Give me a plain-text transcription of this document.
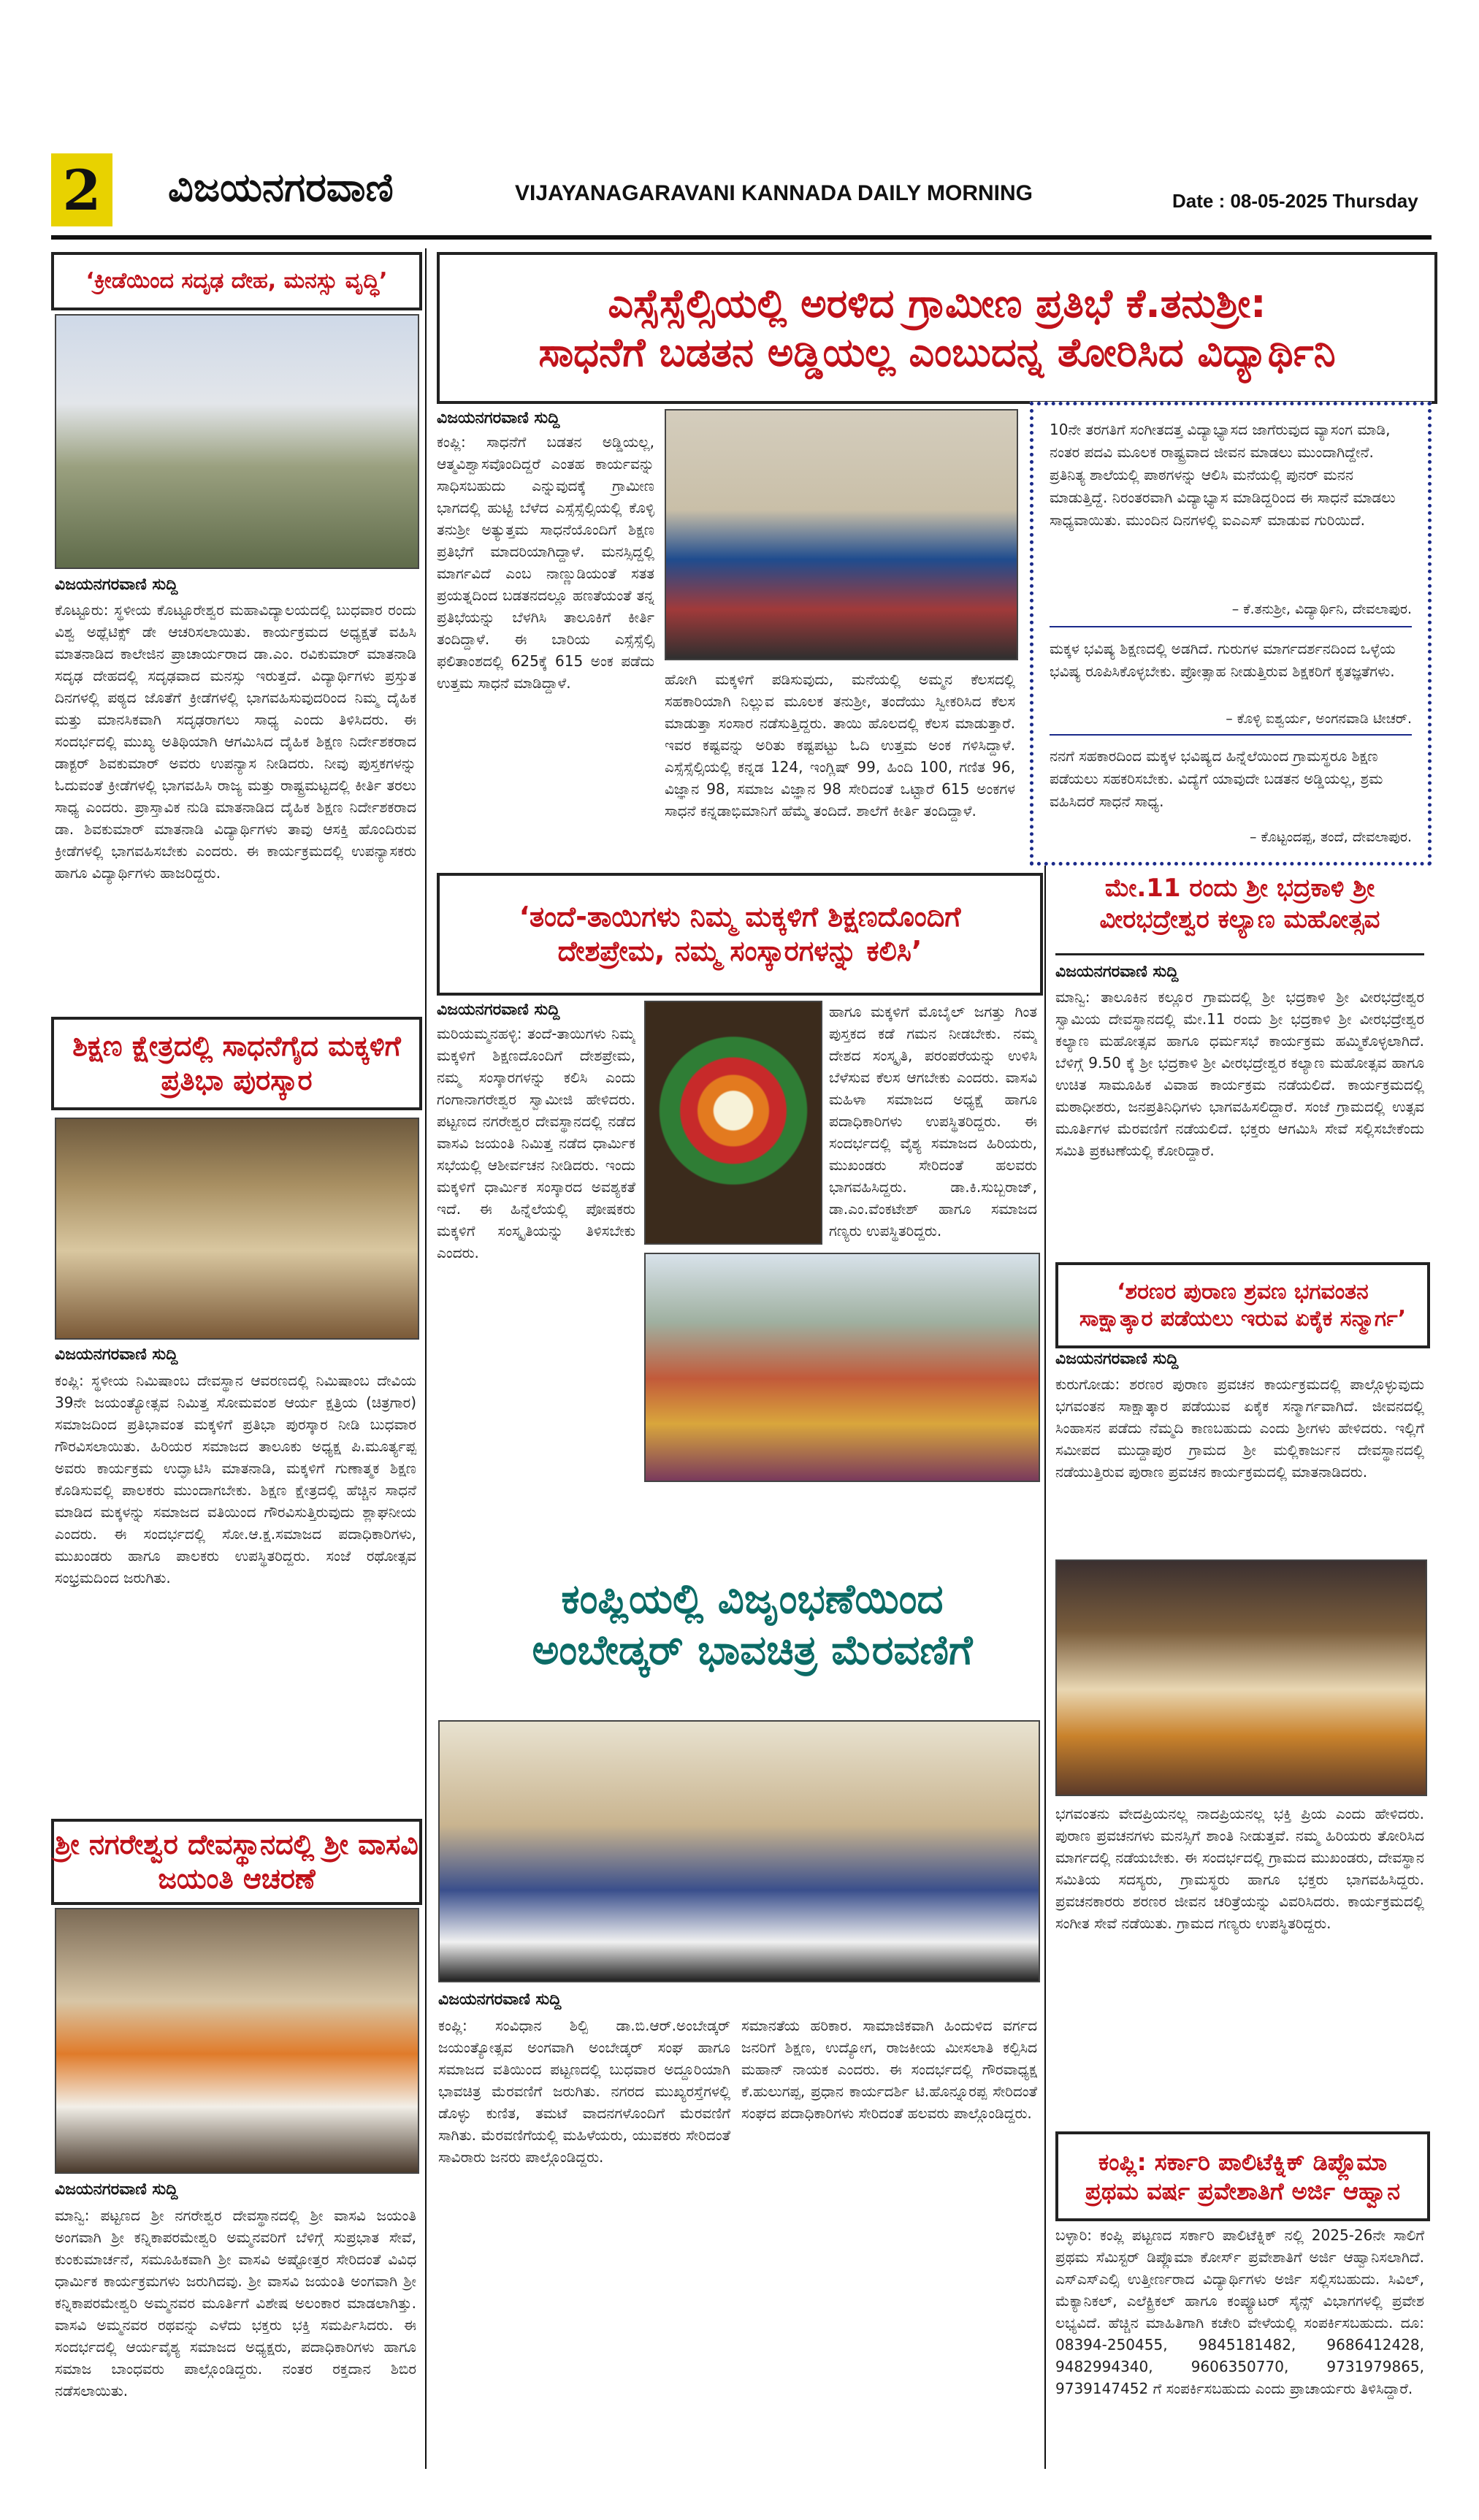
2 ವಿಜಯನಗರವಾಣಿ	VIJAYANAGARAVANI KANNADA DAILY MORNING	Date : 08-05-2025 Thursday
‘ಕ್ರೀಡೆಯಿಂದ ಸದೃಢ ದೇಹ, ಮನಸ್ಸು ವೃದ್ಧಿ’
ವಿಜಯನಗರವಾಣಿ ಸುದ್ದಿ
ಕೊಟ್ಟೂರು: ಸ್ಥಳೀಯ ಕೊಟ್ಟೂರೇಶ್ವರ ಮಹಾವಿದ್ಯಾಲಯದಲ್ಲಿ ಬುಧವಾರ ರಂದು ವಿಶ್ವ ಅಥ್ಲೆಟಿಕ್ಸ್ ಡೇ ಆಚರಿಸಲಾಯಿತು. ಕಾರ್ಯಕ್ರಮದ ಅಧ್ಯಕ್ಷತೆ ವಹಿಸಿ ಮಾತನಾಡಿದ ಕಾಲೇಜಿನ ಪ್ರಾಚಾರ್ಯರಾದ ಡಾ.ಎಂ. ರವಿಕುಮಾರ್ ಮಾತನಾಡಿ ಸದೃಢ ದೇಹದಲ್ಲಿ ಸದೃಢವಾದ ಮನಸ್ಸು ಇರುತ್ತದೆ. ವಿದ್ಯಾರ್ಥಿಗಳು ಪ್ರಸ್ತುತ ದಿನಗಳಲ್ಲಿ ಪಠ್ಯದ ಜೊತೆಗೆ ಕ್ರೀಡೆಗಳಲ್ಲಿ ಭಾಗವಹಿಸುವುದರಿಂದ ನಿಮ್ಮ ದೈಹಿಕ ಮತ್ತು ಮಾನಸಿಕವಾಗಿ ಸದೃಢರಾಗಲು ಸಾಧ್ಯ ಎಂದು ತಿಳಿಸಿದರು. ಈ ಸಂದರ್ಭದಲ್ಲಿ ಮುಖ್ಯ ಅತಿಥಿಯಾಗಿ ಆಗಮಿಸಿದ ದೈಹಿಕ ಶಿಕ್ಷಣ ನಿರ್ದೇಶಕರಾದ ಡಾಕ್ಟರ್ ಶಿವಕುಮಾರ್ ಅವರು ಉಪನ್ಯಾಸ ನೀಡಿದರು. ನೀವು ಪುಸ್ತಕಗಳನ್ನು ಓದುವಂತೆ ಕ್ರೀಡೆಗಳಲ್ಲಿ ಭಾಗವಹಿಸಿ ರಾಜ್ಯ ಮತ್ತು ರಾಷ್ಟ್ರಮಟ್ಟದಲ್ಲಿ ಕೀರ್ತಿ ತರಲು ಸಾಧ್ಯ ಎಂದರು. ಪ್ರಾಸ್ತಾವಿಕ ನುಡಿ ಮಾತನಾಡಿದ ದೈಹಿಕ ಶಿಕ್ಷಣ ನಿರ್ದೇಶಕರಾದ ಡಾ. ಶಿವಕುಮಾರ್ ಮಾತನಾಡಿ ವಿದ್ಯಾರ್ಥಿಗಳು ತಾವು ಆಸಕ್ತಿ ಹೊಂದಿರುವ ಕ್ರೀಡೆಗಳಲ್ಲಿ ಭಾಗವಹಿಸಬೇಕು ಎಂದರು. ಈ ಕಾರ್ಯಕ್ರಮದಲ್ಲಿ ಉಪನ್ಯಾಸಕರು ಹಾಗೂ ವಿದ್ಯಾರ್ಥಿಗಳು ಹಾಜರಿದ್ದರು.
ಶಿಕ್ಷಣ ಕ್ಷೇತ್ರದಲ್ಲಿ ಸಾಧನೆಗೈದ ಮಕ್ಕಳಿಗೆ ಪ್ರತಿಭಾ ಪುರಸ್ಕಾರ
ವಿಜಯನಗರವಾಣಿ ಸುದ್ದಿ
ಕಂಪ್ಲಿ: ಸ್ಥಳೀಯ ನಿಮಿಷಾಂಬ ದೇವಸ್ಥಾನ ಆವರಣದಲ್ಲಿ ನಿಮಿಷಾಂಬ ದೇವಿಯ 39ನೇ ಜಯಂತ್ಯೋತ್ಸವ ನಿಮಿತ್ತ ಸೋಮವಂಶ ಆರ್ಯ ಕ್ಷತ್ರಿಯ (ಚಿತ್ರಗಾರ) ಸಮಾಜದಿಂದ ಪ್ರತಿಭಾವಂತ ಮಕ್ಕಳಿಗೆ ಪ್ರತಿಭಾ ಪುರಸ್ಕಾರ ನೀಡಿ ಬುಧವಾರ ಗೌರವಿಸಲಾಯಿತು. ಹಿರಿಯರ ಸಮಾಜದ ತಾಲೂಕು ಅಧ್ಯಕ್ಷ ಪಿ.ಮೂರ್ತ್ಯಪ್ಪ ಅವರು ಕಾರ್ಯಕ್ರಮ ಉದ್ಘಾಟಿಸಿ ಮಾತನಾಡಿ, ಮಕ್ಕಳಿಗೆ ಗುಣಾತ್ಮಕ ಶಿಕ್ಷಣ ಕೊಡಿಸುವಲ್ಲಿ ಪಾಲಕರು ಮುಂದಾಗಬೇಕು. ಶಿಕ್ಷಣ ಕ್ಷೇತ್ರದಲ್ಲಿ ಹೆಚ್ಚಿನ ಸಾಧನೆ ಮಾಡಿದ ಮಕ್ಕಳನ್ನು ಸಮಾಜದ ವತಿಯಿಂದ ಗೌರವಿಸುತ್ತಿರುವುದು ಶ್ಲಾಘನೀಯ ಎಂದರು. ಈ ಸಂದರ್ಭದಲ್ಲಿ ಸೋ.ಆ.ಕ್ಷ.ಸಮಾಜದ ಪದಾಧಿಕಾರಿಗಳು, ಮುಖಂಡರು ಹಾಗೂ ಪಾಲಕರು ಉಪಸ್ಥಿತರಿದ್ದರು. ಸಂಜೆ ರಥೋತ್ಸವ ಸಂಭ್ರಮದಿಂದ ಜರುಗಿತು.
ಶ್ರೀ ನಗರೇಶ್ವರ ದೇವಸ್ಥಾನದಲ್ಲಿ ಶ್ರೀ ವಾಸವಿ ಜಯಂತಿ ಆಚರಣೆ
ವಿಜಯನಗರವಾಣಿ ಸುದ್ದಿ
ಮಾನ್ವಿ: ಪಟ್ಟಣದ ಶ್ರೀ ನಗರೇಶ್ವರ ದೇವಸ್ಥಾನದಲ್ಲಿ ಶ್ರೀ ವಾಸವಿ ಜಯಂತಿ ಅಂಗವಾಗಿ ಶ್ರೀ ಕನ್ನಿಕಾಪರಮೇಶ್ವರಿ ಅಮ್ಮನವರಿಗೆ ಬೆಳಿಗ್ಗೆ ಸುಪ್ರಭಾತ ಸೇವೆ, ಕುಂಕುಮಾರ್ಚನೆ, ಸಮೂಹಿಕವಾಗಿ ಶ್ರೀ ವಾಸವಿ ಅಷ್ಟೋತ್ತರ ಸೇರಿದಂತೆ ವಿವಿಧ ಧಾರ್ಮಿಕ ಕಾರ್ಯಕ್ರಮಗಳು ಜರುಗಿದವು. ಶ್ರೀ ವಾಸವಿ ಜಯಂತಿ ಅಂಗವಾಗಿ ಶ್ರೀ ಕನ್ನಿಕಾಪರಮೇಶ್ವರಿ ಅಮ್ಮನವರ ಮೂರ್ತಿಗೆ ವಿಶೇಷ ಅಲಂಕಾರ ಮಾಡಲಾಗಿತ್ತು. ವಾಸವಿ ಅಮ್ಮನವರ ರಥವನ್ನು ಎಳೆದು ಭಕ್ತರು ಭಕ್ತಿ ಸಮರ್ಪಿಸಿದರು. ಈ ಸಂದರ್ಭದಲ್ಲಿ ಆರ್ಯವೈಶ್ಯ ಸಮಾಜದ ಅಧ್ಯಕ್ಷರು, ಪದಾಧಿಕಾರಿಗಳು ಹಾಗೂ ಸಮಾಜ ಬಾಂಧವರು ಪಾಲ್ಗೊಂಡಿದ್ದರು. ನಂತರ ರಕ್ತದಾನ ಶಿಬಿರ ನಡೆಸಲಾಯಿತು.
ಎಸ್ಸೆಸ್ಸೆಲ್ಸಿಯಲ್ಲಿ ಅರಳಿದ ಗ್ರಾಮೀಣ ಪ್ರತಿಭೆ ಕೆ.ತನುಶ್ರೀ:
ಸಾಧನೆಗೆ ಬಡತನ ಅಡ್ಡಿಯಲ್ಲ ಎಂಬುದನ್ನ ತೋರಿಸಿದ ವಿದ್ಯಾರ್ಥಿನಿ
ವಿಜಯನಗರವಾಣಿ ಸುದ್ದಿ
ಕಂಪ್ಲಿ: ಸಾಧನೆಗೆ ಬಡತನ ಅಡ್ಡಿಯಲ್ಲ, ಆತ್ಮವಿಶ್ವಾಸವೊಂದಿದ್ದರೆ ಎಂತಹ ಕಾರ್ಯವನ್ನು ಸಾಧಿಸಬಹುದು ಎನ್ನುವುದಕ್ಕೆ ಗ್ರಾಮೀಣ ಭಾಗದಲ್ಲಿ ಹುಟ್ಟಿ ಬೆಳೆದ ಎಸ್ಸೆಸ್ಸೆಲ್ಸಿಯಲ್ಲಿ ಕೊಳ್ಳಿ ತನುಶ್ರೀ ಅತ್ಯುತ್ತಮ ಸಾಧನೆಯೊಂದಿಗೆ ಶಿಕ್ಷಣ ಪ್ರತಿಭೆಗೆ ಮಾದರಿಯಾಗಿದ್ದಾಳೆ. ಮನಸ್ಸಿದ್ದಲ್ಲಿ ಮಾರ್ಗವಿದೆ ಎಂಬ ನಾಣ್ಣುಡಿಯಂತೆ ಸತತ ಪ್ರಯತ್ನದಿಂದ ಬಡತನದಲ್ಲೂ ಹಣತೆಯಂತೆ ತನ್ನ ಪ್ರತಿಭೆಯನ್ನು ಬೆಳಗಿಸಿ ತಾಲೂಕಿಗೆ ಕೀರ್ತಿ ತಂದಿದ್ದಾಳೆ. ಈ ಬಾರಿಯ ಎಸ್ಸೆಸ್ಸೆಲ್ಸಿ ಫಲಿತಾಂಶದಲ್ಲಿ 625ಕ್ಕೆ 615 ಅಂಕ ಪಡೆದು ಉತ್ತಮ ಸಾಧನೆ ಮಾಡಿದ್ದಾಳೆ.	ಹೋಗಿ ಮಕ್ಕಳಿಗೆ ಪಡಿಸುವುದು, ಮನೆಯಲ್ಲಿ ಅಮ್ಮನ ಕೆಲಸದಲ್ಲಿ ಸಹಕಾರಿಯಾಗಿ ನಿಲ್ಲುವ ಮೂಲಕ ತನುಶ್ರೀ, ತಂದೆಯು ಸ್ವೀಕರಿಸಿದ ಕೆಲಸ ಮಾಡುತ್ತಾ ಸಂಸಾರ ನಡೆಸುತ್ತಿದ್ದರು. ತಾಯಿ ಹೊಲದಲ್ಲಿ ಕೆಲಸ ಮಾಡುತ್ತಾರೆ. ಇವರ ಕಷ್ಟವನ್ನು ಅರಿತು ಕಷ್ಟಪಟ್ಟು ಓದಿ ಉತ್ತಮ ಅಂಕ ಗಳಿಸಿದ್ದಾಳೆ. ಎಸ್ಸೆಸ್ಸೆಲ್ಸಿಯಲ್ಲಿ ಕನ್ನಡ 124, ಇಂಗ್ಲಿಷ್ 99, ಹಿಂದಿ 100, ಗಣಿತ 96, ವಿಜ್ಞಾನ 98, ಸಮಾಜ ವಿಜ್ಞಾನ 98 ಸೇರಿದಂತೆ ಒಟ್ಟಾರೆ 615 ಅಂಕಗಳ ಸಾಧನೆ ಕನ್ನಡಾಭಿಮಾನಿಗೆ ಹೆಮ್ಮೆ ತಂದಿದೆ. ಶಾಲೆಗೆ ಕೀರ್ತಿ ತಂದಿದ್ದಾಳೆ.
10ನೇ ತರಗತಿಗೆ ಸಂಗೀತದತ್ತ ವಿದ್ಯಾಭ್ಯಾಸದ ಜಾಗೆರುವುದ ವ್ಯಾಸಂಗ ಮಾಡಿ, ನಂತರ ಪದವಿ ಮೂಲಕ ರಾಷ್ಟ್ರವಾದ ಜೀವನ ಮಾಡಲು ಮುಂದಾಗಿದ್ದೇನೆ. ಪ್ರತಿನಿತ್ಯ ಶಾಲೆಯಲ್ಲಿ ಪಾಠಗಳನ್ನು ಆಲಿಸಿ ಮನೆಯಲ್ಲಿ ಪುನರ್ ಮನನ ಮಾಡುತ್ತಿದ್ದೆ. ನಿರಂತರವಾಗಿ ವಿದ್ಯಾಭ್ಯಾಸ ಮಾಡಿದ್ದರಿಂದ ಈ ಸಾಧನೆ ಮಾಡಲು ಸಾಧ್ಯವಾಯಿತು. ಮುಂದಿನ ದಿನಗಳಲ್ಲಿ ಐಎಎಸ್ ಮಾಡುವ ಗುರಿಯಿದೆ.
– ಕೆ.ತನುಶ್ರೀ, ವಿದ್ಯಾರ್ಥಿನಿ, ದೇವಲಾಪುರ.
ಮಕ್ಕಳ ಭವಿಷ್ಯ ಶಿಕ್ಷಣದಲ್ಲಿ ಅಡಗಿದೆ. ಗುರುಗಳ ಮಾರ್ಗದರ್ಶನದಿಂದ ಒಳ್ಳೆಯ ಭವಿಷ್ಯ ರೂಪಿಸಿಕೊಳ್ಳಬೇಕು. ಪ್ರೋತ್ಸಾಹ ನೀಡುತ್ತಿರುವ ಶಿಕ್ಷಕರಿಗೆ ಕೃತಜ್ಞತೆಗಳು.
– ಕೊಳ್ಳಿ ಐಶ್ವರ್ಯ, ಅಂಗನವಾಡಿ ಟೀಚರ್.
ನನಗೆ ಸಹಕಾರದಿಂದ ಮಕ್ಕಳ ಭವಿಷ್ಯದ ಹಿನ್ನೆಲೆಯಿಂದ ಗ್ರಾಮಸ್ಥರೂ ಶಿಕ್ಷಣ ಪಡೆಯಲು ಸಹಕರಿಸಬೇಕು. ವಿದ್ಯೆಗೆ ಯಾವುದೇ ಬಡತನ ಅಡ್ಡಿಯಲ್ಲ, ಶ್ರಮ ವಹಿಸಿದರೆ ಸಾಧನೆ ಸಾಧ್ಯ.
– ಕೊಟ್ಟಂದಪ್ಪ, ತಂದೆ, ದೇವಲಾಪುರ.
‘ತಂದೆ-ತಾಯಿಗಳು ನಿಮ್ಮ ಮಕ್ಕಳಿಗೆ ಶಿಕ್ಷಣದೊಂದಿಗೆ
ದೇಶಪ್ರೇಮ, ನಮ್ಮ ಸಂಸ್ಕಾರಗಳನ್ನು ಕಲಿಸಿ’
ವಿಜಯನಗರವಾಣಿ ಸುದ್ದಿ
ಮರಿಯಮ್ಮನಹಳ್ಳಿ: ತಂದೆ-ತಾಯಿಗಳು ನಿಮ್ಮ ಮಕ್ಕಳಿಗೆ ಶಿಕ್ಷಣದೊಂದಿಗೆ ದೇಶಪ್ರೇಮ, ನಮ್ಮ ಸಂಸ್ಕಾರಗಳನ್ನು ಕಲಿಸಿ ಎಂದು ಗಂಗಾನಾಗರೇಶ್ವರ ಸ್ವಾಮೀಜಿ ಹೇಳಿದರು. ಪಟ್ಟಣದ ನಗರೇಶ್ವರ ದೇವಸ್ಥಾನದಲ್ಲಿ ನಡೆದ ವಾಸವಿ ಜಯಂತಿ ನಿಮಿತ್ತ ನಡೆದ ಧಾರ್ಮಿಕ ಸಭೆಯಲ್ಲಿ ಆಶೀರ್ವಚನ ನೀಡಿದರು. ಇಂದು ಮಕ್ಕಳಿಗೆ ಧಾರ್ಮಿಕ ಸಂಸ್ಕಾರದ ಅವಶ್ಯಕತೆ ಇದೆ. ಈ ಹಿನ್ನೆಲೆಯಲ್ಲಿ ಪೋಷಕರು ಮಕ್ಕಳಿಗೆ ಸಂಸ್ಕೃತಿಯನ್ನು ತಿಳಿಸಬೇಕು ಎಂದರು.
ಹಾಗೂ ಮಕ್ಕಳಿಗೆ ಮೊಬೈಲ್ ಜಗತ್ತು ಗಿಂತ ಪುಸ್ತಕದ ಕಡೆ ಗಮನ ನೀಡಬೇಕು. ನಮ್ಮ ದೇಶದ ಸಂಸ್ಕೃತಿ, ಪರಂಪರೆಯನ್ನು ಉಳಿಸಿ ಬೆಳೆಸುವ ಕೆಲಸ ಆಗಬೇಕು ಎಂದರು. ವಾಸವಿ ಮಹಿಳಾ ಸಮಾಜದ ಅಧ್ಯಕ್ಷೆ ಹಾಗೂ ಪದಾಧಿಕಾರಿಗಳು ಉಪಸ್ಥಿತರಿದ್ದರು. ಈ ಸಂದರ್ಭದಲ್ಲಿ ವೈಶ್ಯ ಸಮಾಜದ ಹಿರಿಯರು, ಮುಖಂಡರು ಸೇರಿದಂತೆ ಹಲವರು ಭಾಗವಹಿಸಿದ್ದರು. ಡಾ.ಕಿ.ಸುಬ್ಬರಾಜ್, ಡಾ.ಎಂ.ವೆಂಕಟೇಶ್ ಹಾಗೂ ಸಮಾಜದ ಗಣ್ಯರು ಉಪಸ್ಥಿತರಿದ್ದರು.
ಕಂಪ್ಲಿಯಲ್ಲಿ ವಿಜೃಂಭಣೆಯಿಂದ
ಅಂಬೇಡ್ಕರ್ ಭಾವಚಿತ್ರ ಮೆರವಣಿಗೆ
ವಿಜಯನಗರವಾಣಿ ಸುದ್ದಿ
ಕಂಪ್ಲಿ: ಸಂವಿಧಾನ ಶಿಲ್ಪಿ ಡಾ.ಬಿ.ಆರ್.ಅಂಬೇಡ್ಕರ್ ಜಯಂತ್ಯೋತ್ಸವ ಅಂಗವಾಗಿ ಅಂಬೇಡ್ಕರ್ ಸಂಘ ಹಾಗೂ ಸಮಾಜದ ವತಿಯಿಂದ ಪಟ್ಟಣದಲ್ಲಿ ಬುಧವಾರ ಅದ್ದೂರಿಯಾಗಿ ಭಾವಚಿತ್ರ ಮೆರವಣಿಗೆ ಜರುಗಿತು. ನಗರದ ಮುಖ್ಯರಸ್ತೆಗಳಲ್ಲಿ ಡೊಳ್ಳು ಕುಣಿತ, ತಮಟೆ ವಾದನಗಳೊಂದಿಗೆ ಮೆರವಣಿಗೆ ಸಾಗಿತು. ಮೆರವಣಿಗೆಯಲ್ಲಿ ಮಹಿಳೆಯರು, ಯುವಕರು ಸೇರಿದಂತೆ ಸಾವಿರಾರು ಜನರು ಪಾಲ್ಗೊಂಡಿದ್ದರು.
ಸಮಾನತೆಯ ಹರಿಕಾರ. ಸಾಮಾಜಿಕವಾಗಿ ಹಿಂದುಳಿದ ವರ್ಗದ ಜನರಿಗೆ ಶಿಕ್ಷಣ, ಉದ್ಯೋಗ, ರಾಜಕೀಯ ಮೀಸಲಾತಿ ಕಲ್ಪಿಸಿದ ಮಹಾನ್ ನಾಯಕ ಎಂದರು. ಈ ಸಂದರ್ಭದಲ್ಲಿ ಗೌರವಾಧ್ಯಕ್ಷ ಕೆ.ಹುಲುಗಪ್ಪ, ಪ್ರಧಾನ ಕಾರ್ಯದರ್ಶಿ ಟಿ.ಹೊನ್ನೂರಪ್ಪ ಸೇರಿದಂತೆ ಸಂಘದ ಪದಾಧಿಕಾರಿಗಳು ಸೇರಿದಂತೆ ಹಲವರು ಪಾಲ್ಗೊಂಡಿದ್ದರು.
ಮೇ.11 ರಂದು ಶ್ರೀ ಭದ್ರಕಾಳಿ ಶ್ರೀ
ವೀರಭದ್ರೇಶ್ವರ ಕಲ್ಯಾಣ ಮಹೋತ್ಸವ
ವಿಜಯನಗರವಾಣಿ ಸುದ್ದಿ
ಮಾನ್ವಿ: ತಾಲೂಕಿನ ಕಲ್ಲೂರ ಗ್ರಾಮದಲ್ಲಿ ಶ್ರೀ ಭದ್ರಕಾಳಿ ಶ್ರೀ ವೀರಭದ್ರೇಶ್ವರ ಸ್ವಾಮಿಯ ದೇವಸ್ಥಾನದಲ್ಲಿ ಮೇ.11 ರಂದು ಶ್ರೀ ಭದ್ರಕಾಳಿ ಶ್ರೀ ವೀರಭದ್ರೇಶ್ವರ ಕಲ್ಯಾಣ ಮಹೋತ್ಸವ ಹಾಗೂ ಧರ್ಮಸಭೆ ಕಾರ್ಯಕ್ರಮ ಹಮ್ಮಿಕೊಳ್ಳಲಾಗಿದೆ. ಬೆಳಿಗ್ಗೆ 9.50 ಕ್ಕೆ ಶ್ರೀ ಭದ್ರಕಾಳಿ ಶ್ರೀ ವೀರಭದ್ರೇಶ್ವರ ಕಲ್ಯಾಣ ಮಹೋತ್ಸವ ಹಾಗೂ ಉಚಿತ ಸಾಮೂಹಿಕ ವಿವಾಹ ಕಾರ್ಯಕ್ರಮ ನಡೆಯಲಿದೆ. ಕಾರ್ಯಕ್ರಮದಲ್ಲಿ ಮಠಾಧೀಶರು, ಜನಪ್ರತಿನಿಧಿಗಳು ಭಾಗವಹಿಸಲಿದ್ದಾರೆ. ಸಂಜೆ ಗ್ರಾಮದಲ್ಲಿ ಉತ್ಸವ ಮೂರ್ತಿಗಳ ಮೆರವಣಿಗೆ ನಡೆಯಲಿದೆ. ಭಕ್ತರು ಆಗಮಿಸಿ ಸೇವೆ ಸಲ್ಲಿಸಬೇಕೆಂದು ಸಮಿತಿ ಪ್ರಕಟಣೆಯಲ್ಲಿ ಕೋರಿದ್ದಾರೆ.
‘ಶರಣರ ಪುರಾಣ ಶ್ರವಣ ಭಗವಂತನ
ಸಾಕ್ಷಾತ್ಕಾರ ಪಡೆಯಲು ಇರುವ ಏಕೈಕ ಸನ್ಮಾರ್ಗ’
ವಿಜಯನಗರವಾಣಿ ಸುದ್ದಿ
ಕುರುಗೋಡು: ಶರಣರ ಪುರಾಣ ಪ್ರವಚನ ಕಾರ್ಯಕ್ರಮದಲ್ಲಿ ಪಾಲ್ಗೊಳ್ಳುವುದು ಭಗವಂತನ ಸಾಕ್ಷಾತ್ಕಾರ ಪಡೆಯುವ ಏಕೈಕ ಸನ್ಮಾರ್ಗವಾಗಿದೆ. ಜೀವನದಲ್ಲಿ ಸಿಂಹಾಸನ ಪಡೆದು ನೆಮ್ಮದಿ ಕಾಣಬಹುದು ಎಂದು ಶ್ರೀಗಳು ಹೇಳಿದರು. ಇಲ್ಲಿಗೆ ಸಮೀಪದ ಮುದ್ದಾಪುರ ಗ್ರಾಮದ ಶ್ರೀ ಮಲ್ಲಿಕಾರ್ಜುನ ದೇವಸ್ಥಾನದಲ್ಲಿ ನಡೆಯುತ್ತಿರುವ ಪುರಾಣ ಪ್ರವಚನ ಕಾರ್ಯಕ್ರಮದಲ್ಲಿ ಮಾತನಾಡಿದರು.
ಭಗವಂತನು ವೇದಪ್ರಿಯನಲ್ಲ ನಾದಪ್ರಿಯನಲ್ಲ ಭಕ್ತಿ ಪ್ರಿಯ ಎಂದು ಹೇಳಿದರು. ಪುರಾಣ ಪ್ರವಚನಗಳು ಮನಸ್ಸಿಗೆ ಶಾಂತಿ ನೀಡುತ್ತವೆ. ನಮ್ಮ ಹಿರಿಯರು ತೋರಿಸಿದ ಮಾರ್ಗದಲ್ಲಿ ನಡೆಯಬೇಕು. ಈ ಸಂದರ್ಭದಲ್ಲಿ ಗ್ರಾಮದ ಮುಖಂಡರು, ದೇವಸ್ಥಾನ ಸಮಿತಿಯ ಸದಸ್ಯರು, ಗ್ರಾಮಸ್ಥರು ಹಾಗೂ ಭಕ್ತರು ಭಾಗವಹಿಸಿದ್ದರು. ಪ್ರವಚನಕಾರರು ಶರಣರ ಜೀವನ ಚರಿತ್ರೆಯನ್ನು ವಿವರಿಸಿದರು. ಕಾರ್ಯಕ್ರಮದಲ್ಲಿ ಸಂಗೀತ ಸೇವೆ ನಡೆಯಿತು. ಗ್ರಾಮದ ಗಣ್ಯರು ಉಪಸ್ಥಿತರಿದ್ದರು.
ಕಂಪ್ಲಿ: ಸರ್ಕಾರಿ ಪಾಲಿಟೆಕ್ನಿಕ್ ಡಿಪ್ಲೊಮಾ
ಪ್ರಥಮ ವರ್ಷ ಪ್ರವೇಶಾತಿಗೆ ಅರ್ಜಿ ಆಹ್ವಾನ
ಬಳ್ಳಾರಿ: ಕಂಪ್ಲಿ ಪಟ್ಟಣದ ಸರ್ಕಾರಿ ಪಾಲಿಟೆಕ್ನಿಕ್ ನಲ್ಲಿ 2025-26ನೇ ಸಾಲಿಗೆ ಪ್ರಥಮ ಸೆಮಿಸ್ಟರ್ ಡಿಪ್ಲೊಮಾ ಕೋರ್ಸ್ ಪ್ರವೇಶಾತಿಗೆ ಅರ್ಜಿ ಆಹ್ವಾನಿಸಲಾಗಿದೆ. ಎಸ್ಎಸ್ಎಲ್ಸಿ ಉತ್ತೀರ್ಣರಾದ ವಿದ್ಯಾರ್ಥಿಗಳು ಅರ್ಜಿ ಸಲ್ಲಿಸಬಹುದು. ಸಿವಿಲ್, ಮೆಕ್ಯಾನಿಕಲ್, ಎಲೆಕ್ಟ್ರಿಕಲ್ ಹಾಗೂ ಕಂಪ್ಯೂಟರ್ ಸೈನ್ಸ್ ವಿಭಾಗಗಳಲ್ಲಿ ಪ್ರವೇಶ ಲಭ್ಯವಿದೆ. ಹೆಚ್ಚಿನ ಮಾಹಿತಿಗಾಗಿ ಕಚೇರಿ ವೇಳೆಯಲ್ಲಿ ಸಂಪರ್ಕಿಸಬಹುದು. ದೂ: 08394-250455, 9845181482, 9686412428, 9482994340, 9606350770, 9731979865, 9739147452 ಗೆ ಸಂಪರ್ಕಿಸಬಹುದು ಎಂದು ಪ್ರಾಚಾರ್ಯರು ತಿಳಿಸಿದ್ದಾರೆ.
